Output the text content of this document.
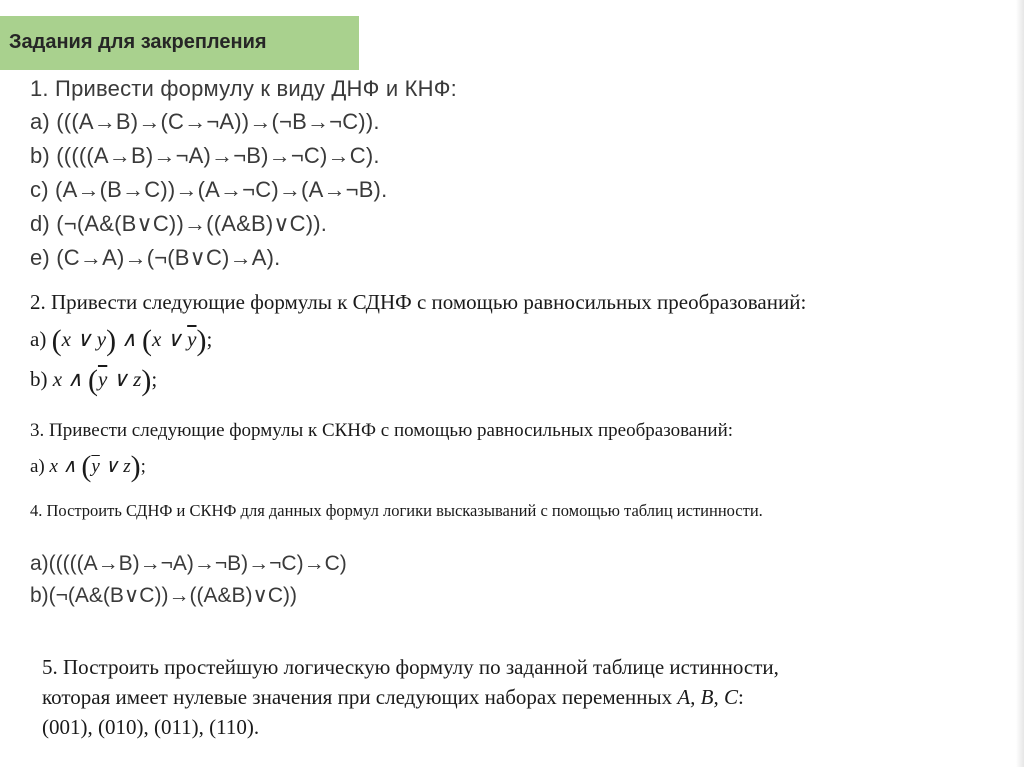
Задания для закрепления
1. Привести формулу к виду ДНФ и КНФ:
a) (((A→B)→(C→¬A))→(¬B→¬C)).
b) (((((A→B)→¬A)→¬B)→¬C)→C).
c) (A→(B→C))→(A→¬C)→(A→¬B).
d) (¬(A&(B∨C))→((A&B)∨C)).
e) (C→A)→(¬(B∨C)→A).
2. Привести следующие формулы к СДНФ с помощью равносильных преобразований:
a) (x ∨ y) ∧ (x ∨ $\overline{y}$);
b) x ∧ ($\overline{y}$ ∨ z);
3. Привести следующие формулы к СКНФ с помощью равносильных преобразований:
a) x ∧ ($\overline{y}$ ∨ z);
4. Построить СДНФ и СКНФ для данных формул логики высказываний с помощью таблиц истинности.
a)(((((A→B)→¬A)→¬B)→¬C)→C)
b)(¬(A&(B∨C))→((A&B)∨C))
5. Построить простейшую логическую формулу по заданной таблице истинности,
которая имеет нулевые значения при следующих наборах переменных A, B, C:
(001), (010), (011), (110).
